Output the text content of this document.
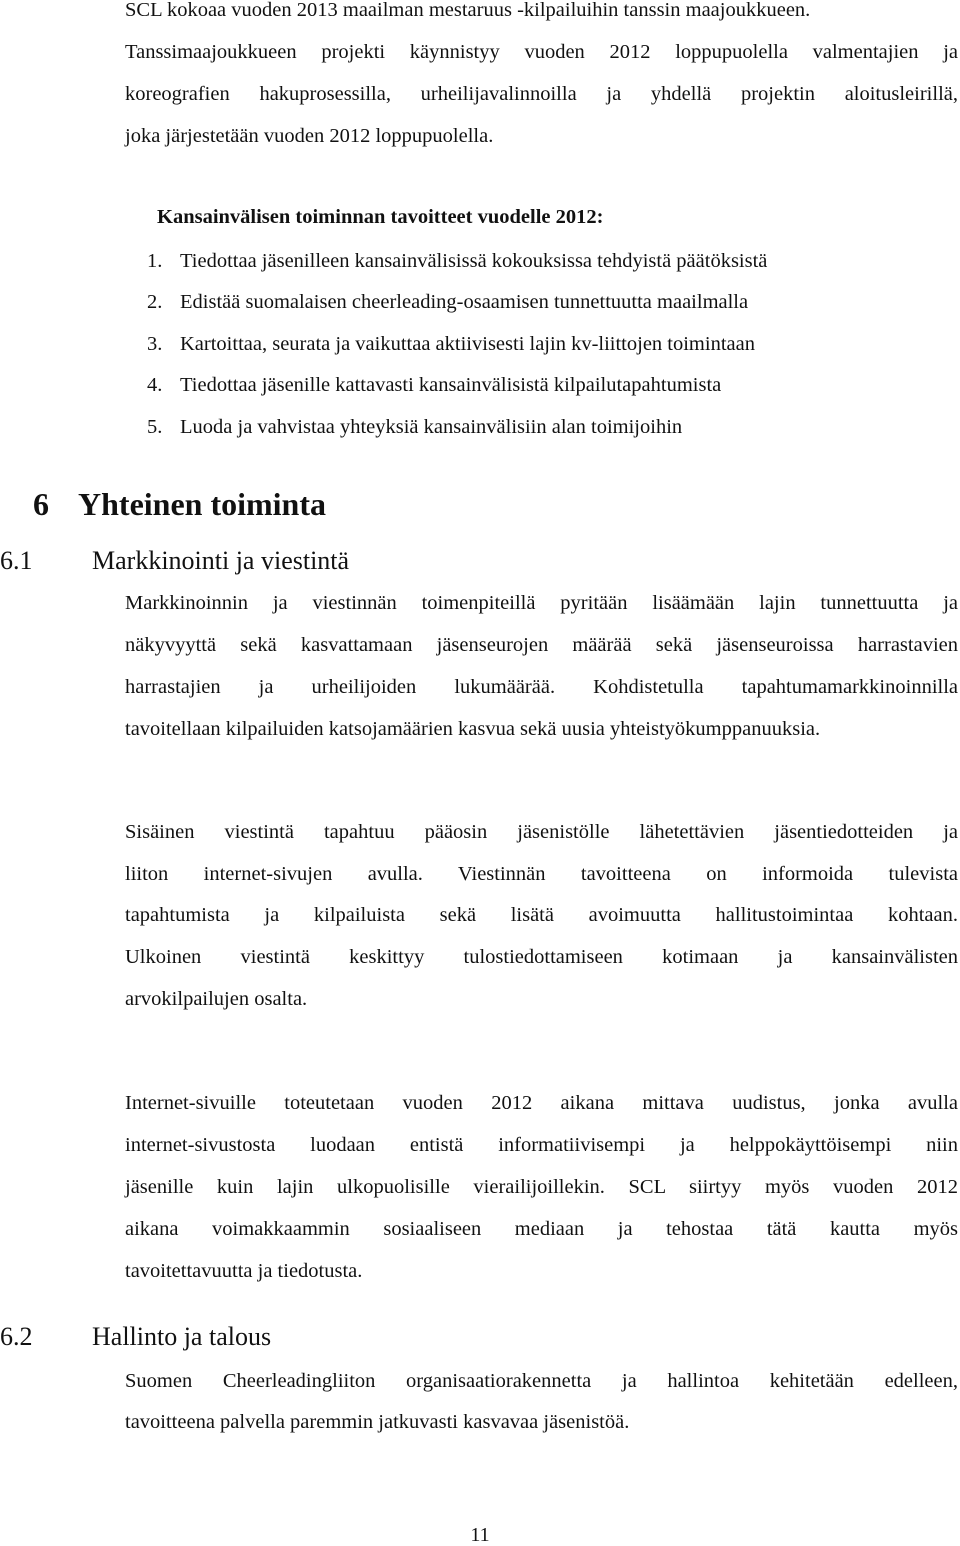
SCL kokoaa vuoden 2013 maailman mestaruus -kilpailuihin tanssin maajoukkueen.
Tanssimaajoukkueen projekti käynnistyy vuoden 2012 loppupuolella valmentajien ja
koreografien hakuprosessilla, urheilijavalinnoilla ja yhdellä projektin aloitusleirillä,
joka järjestetään vuoden 2012 loppupuolella.
Kansainvälisen toiminnan tavoitteet vuodelle 2012:
1. Tiedottaa jäsenilleen kansainvälisissä kokouksissa tehdyistä päätöksistä
2. Edistää suomalaisen cheerleading-osaamisen tunnettuutta maailmalla
3. Kartoittaa, seurata ja vaikuttaa aktiivisesti lajin kv-liittojen toimintaan
4. Tiedottaa jäsenille kattavasti kansainvälisistä kilpailutapahtumista
5. Luoda ja vahvistaa yhteyksiä kansainvälisiin alan toimijoihin
6 Yhteinen toiminta
6.1 Markkinointi ja viestintä
Markkinoinnin ja viestinnän toimenpiteillä pyritään lisäämään lajin tunnettuutta ja
näkyvyyttä sekä kasvattamaan jäsenseurojen määrää sekä jäsenseuroissa harrastavien
harrastajien ja urheilijoiden lukumäärää. Kohdistetulla tapahtumamarkkinoinnilla
tavoitellaan kilpailuiden katsojamäärien kasvua sekä uusia yhteistyökumppanuuksia.
Sisäinen viestintä tapahtuu pääosin jäsenistölle lähetettävien jäsentiedotteiden ja
liiton internet-sivujen avulla. Viestinnän tavoitteena on informoida tulevista
tapahtumista ja kilpailuista sekä lisätä avoimuutta hallitustoimintaa kohtaan.
Ulkoinen viestintä keskittyy tulostiedottamiseen kotimaan ja kansainvälisten
arvokilpailujen osalta.
Internet-sivuille toteutetaan vuoden 2012 aikana mittava uudistus, jonka avulla
internet-sivustosta luodaan entistä informatiivisempi ja helppokäyttöisempi niin
jäsenille kuin lajin ulkopuolisille vierailijoillekin. SCL siirtyy myös vuoden 2012
aikana voimakkaammin sosiaaliseen mediaan ja tehostaa tätä kautta myös
tavoitettavuutta ja tiedotusta.
6.2 Hallinto ja talous
Suomen Cheerleadingliiton organisaatiorakennetta ja hallintoa kehitetään edelleen,
tavoitteena palvella paremmin jatkuvasti kasvavaa jäsenistöä.
11
